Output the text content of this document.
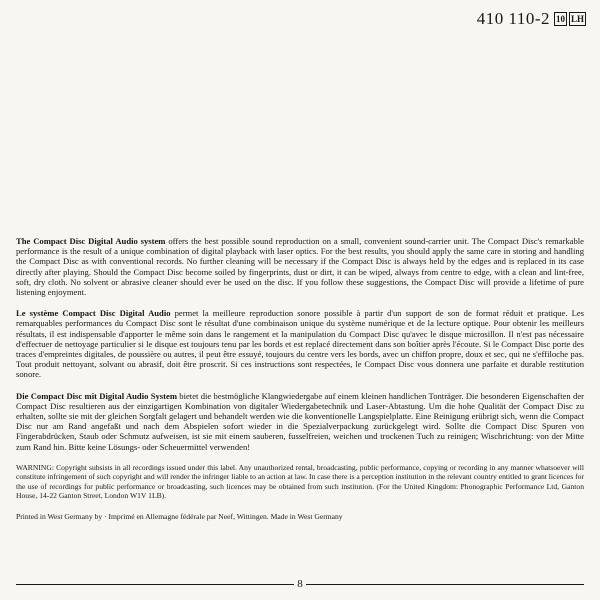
410 110-2 10 LH

The Compact Disc Digital Audio system offers the best possible sound reproduction on a small, convenient sound-carrier unit. The Compact Disc's remarkable performance is the result of a unique combination of digital playback with laser optics. For the best results, you should apply the same care in storing and handling the Compact Disc as with conventional records. No further cleaning will be necessary if the Compact Disc is always held by the edges and is replaced in its case directly after playing. Should the Compact Disc become soiled by fingerprints, dust or dirt, it can be wiped, always from centre to edge, with a clean and lint-free, soft, dry cloth. No solvent or abrasive cleaner should ever be used on the disc. If you follow these suggestions, the Compact Disc will provide a lifetime of pure listening enjoyment.

Le système Compact Disc Digital Audio permet la meilleure reproduction sonore possible à partir d'un support de son de format réduit et pratique. Les remarquables performances du Compact Disc sont le résultat d'une combinaison unique du système numérique et de la lecture optique. Pour obtenir les meilleurs résultats, il est indispensable d'apporter le même soin dans le rangement et la manipulation du Compact Disc qu'avec le disque microsillon. Il n'est pas nécessaire d'effectuer de nettoyage particulier si le disque est toujours tenu par les bords et est replacé directement dans son boîtier après l'écoute. Si le Compact Disc porte des traces d'empreintes digitales, de poussière ou autres, il peut être essuyé, toujours du centre vers les bords, avec un chiffon propre, doux et sec, qui ne s'effiloche pas. Tout produit nettoyant, solvant ou abrasif, doit être proscrit. Si ces instructions sont respectées, le Compact Disc vous donnera une parfaite et durable restitution sonore.

Die Compact Disc mit Digital Audio System bietet die bestmögliche Klangwiedergabe auf einem kleinen handlichen Tonträger. Die besonderen Eigenschaften der Compact Disc resultieren aus der einzigartigen Kombination von digitaler Wiedergabetechnik und Laser-Abtastung. Um die hohe Qualität der Compact Disc zu erhalten, sollte sie mit der gleichen Sorgfalt gelagert und behandelt werden wie die konventionelle Langspielplatte. Eine Reinigung erübrigt sich, wenn die Compact Disc nur am Rand angefaßt und nach dem Abspielen sofort wieder in die Spezialverpackung zurückgelegt wird. Sollte die Compact Disc Spuren von Fingerabdrücken, Staub oder Schmutz aufweisen, ist sie mit einem sauberen, fusselfreien, weichen und trockenen Tuch zu reinigen; Wischrichtung: von der Mitte zum Rand hin. Bitte keine Lösungs- oder Scheuermittel verwenden!

WARNING: Copyright subsists in all recordings issued under this label. Any unauthorized rental, broadcasting, public performance, copying or recording in any manner whatsoever will constitute infringement of such copyright and will render the infringer liable to an action at law. In case there is a perception institution in the relevant country entitled to grant licences for the use of recordings for public performance or broadcasting, such licences may be obtained from such institution. (For the United Kingdom: Phonographic Performance Ltd, Ganton House, 14-22 Ganton Street, London W1V 1LB).

Printed in West Germany by · Imprimé en Allemagne fédérale par Neef, Wittingen. Made in West Germany

8
